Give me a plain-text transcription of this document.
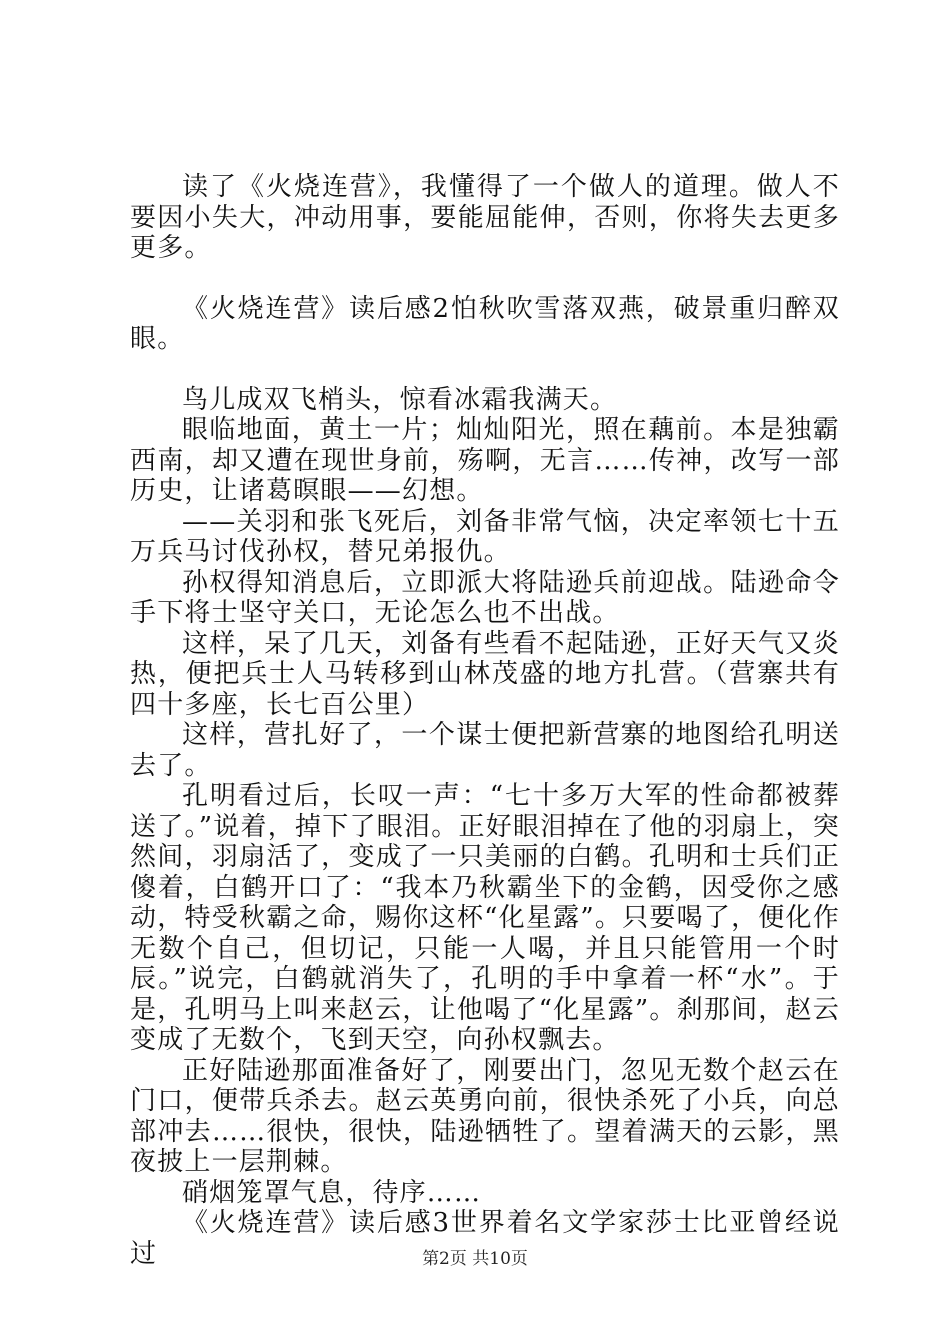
读了《火烧连营》，我懂得了一个做人的道理。做人不要因小失大，冲动用事，要能屈能伸，否则，你将失去更多更多。

《火烧连营》读后感2怕秋吹雪落双燕，破景重归醉双眼。

鸟儿成双飞梢头，惊看冰霜我满天。

眼临地面，黄土一片；灿灿阳光，照在藕前。本是独霸西南，却又遭在现世身前，殇啊，无言……传神，改写一部历史，让诸葛暝眼——幻想。

——关羽和张飞死后，刘备非常气恼，决定率领七十五万兵马讨伐孙权，替兄弟报仇。

孙权得知消息后，立即派大将陆逊兵前迎战。陆逊命令手下将士坚守关口，无论怎么也不出战。

这样，呆了几天，刘备有些看不起陆逊，正好天气又炎热，便把兵士人马转移到山林茂盛的地方扎营。（营寨共有四十多座，长七百公里）

这样，营扎好了，一个谋士便把新营寨的地图给孔明送去了。

孔明看过后，长叹一声：“七十多万大军的性命都被葬送了。”说着，掉下了眼泪。正好眼泪掉在了他的羽扇上，突然间，羽扇活了，变成了一只美丽的白鹤。孔明和士兵们正傻着，白鹤开口了：“我本乃秋霸坐下的金鹤，因受你之感动，特受秋霸之命，赐你这杯“化星露”。只要喝了，便化作无数个自己，但切记，只能一人喝，并且只能管用一个时辰。”说完，白鹤就消失了，孔明的手中拿着一杯“水”。于是，孔明马上叫来赵云，让他喝了“化星露”。刹那间，赵云变成了无数个，飞到天空，向孙权飘去。

正好陆逊那面准备好了，刚要出门，忽见无数个赵云在门口，便带兵杀去。赵云英勇向前，很快杀死了小兵，向总部冲去……很快，很快，陆逊牺牲了。望着满天的云影，黑夜披上一层荆棘。

硝烟笼罩气息，待序……

《火烧连营》读后感3世界着名文学家莎士比亚曾经说过	第2页 共10页
